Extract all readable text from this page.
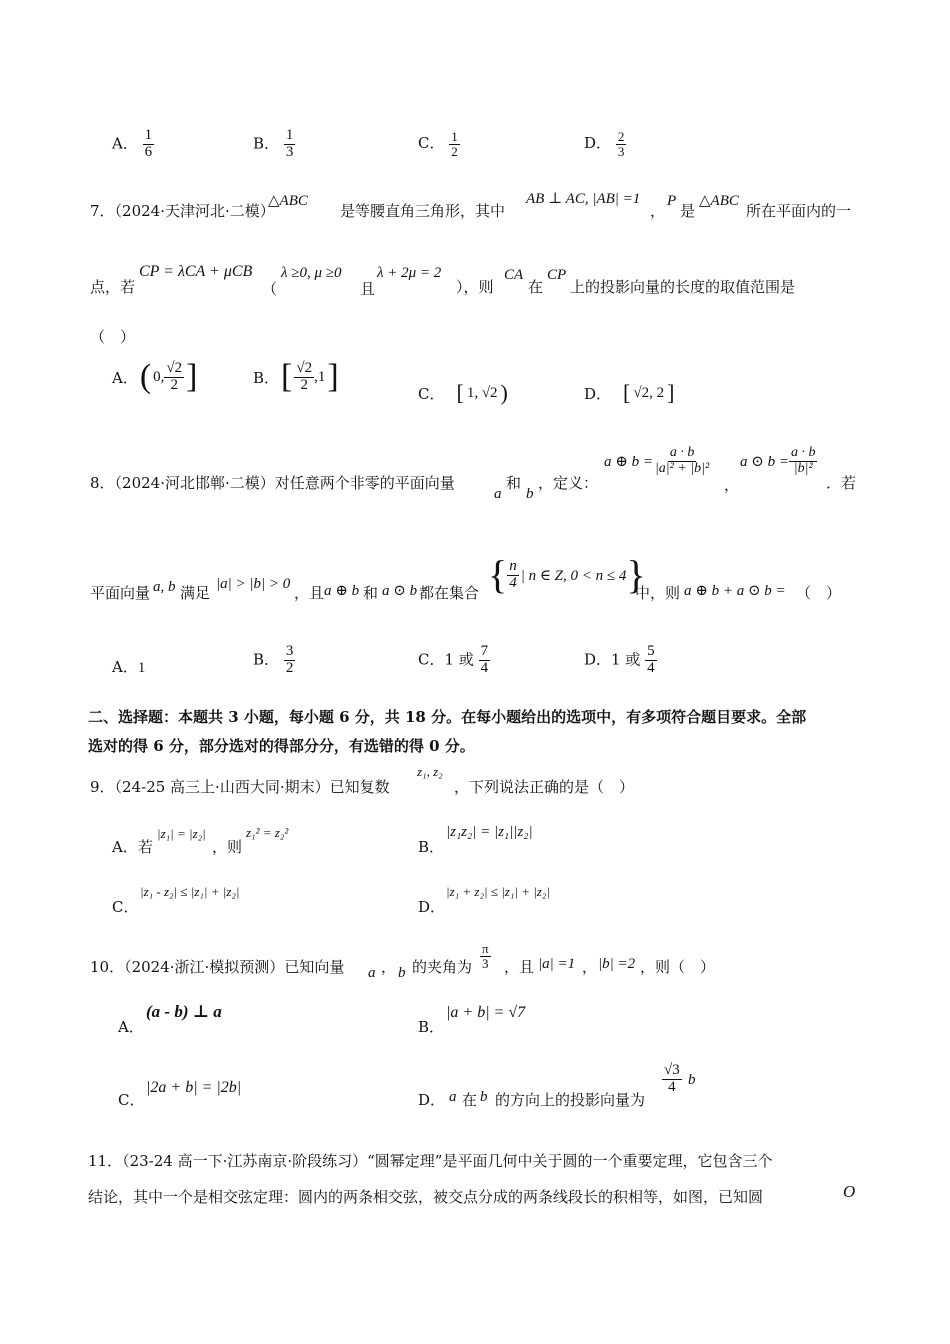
A． $\frac{1}{6}$	B． $\frac{1}{3}$	C． $\frac{1}{2}$	D． $\frac{2}{3}$
7．（2024·天津河北·二模）
△ABC
是等腰直角三角形，其中
AB ⊥ AC, |AB| =1
，
P
是
△ABC
所在平面内的一
点，若
CP = λCA + μCB
（
λ ≥0, μ ≥0
且
λ + 2μ = 2
），则
CA
在
CP
上的投影向量的长度的取值范围是
（　）
A． ( 0, $\frac{√2}{2}$ ]	B． [ $\frac{√2}{2} ,1$ ]	C． [ 1, √2 )	D． [ √2, 2 ]
8．（2024·河北邯郸·二模）对任意两个非零的平面向量
a
和
b
，定义：
a ⊕ $b = \frac{a \cdot b}{\text{|a|² + |b|²}}$
，
a ⊙ $b = \frac{a \cdot b}{\text{|b|²}}$
．若
平面向量 a, b 满足 |a| > |b| > 0 ，且 a ⊕ b 和 a ⊙ b 都在集合 { $\frac{n}{4}$ | n ∈ Z, 0 < n ≤ 4 }
中，则 a ⊕ b + a ⊙ b = （　）
A．1	B． $\frac{3}{2}$	C．1 或 $\frac{7}{4}$	D．1 或 $\frac{5}{4}$
二、选择题：本题共 3 小题，每小题 6 分，共 18 分。在每小题给出的选项中，有多项符合题目要求。全部
选对的得 6 分，部分选对的得部分分，有选错的得 0 分。
9．（24-25 高三上·山西大同·期末）已知复数
z₁, z₂
，下列说法正确的是（　）
A．若
|z₁| = |z₂|
，则
z₁² = z₂²
B．
|z₁z₂| = |z₁||z₂|
C．
|z₁ - z₂| ≤ |z₁| + |z₂|
D．
|z₁ + z₂| ≤ |z₁| + |z₂|
10．（2024·浙江·模拟预测）已知向量 a ， b 的夹角为 $\frac{\pi}{3}$ ，且 |a| =1 ， |b| =2 ，则（　）
A．
(a - b) ⊥ a
B．
|a + b| = √7
C．
|2a + b| = |2b|
D． a 在 b 的方向上的投影向量为
$\frac{√3}{4}$ b
11．（23-24 高一下·江苏南京·阶段练习）“圆幂定理”是平面几何中关于圆的一个重要定理，它包含三个
结论，其中一个是相交弦定理：圆内的两条相交弦，被交点分成的两条线段长的积相等，如图，已知圆	O
